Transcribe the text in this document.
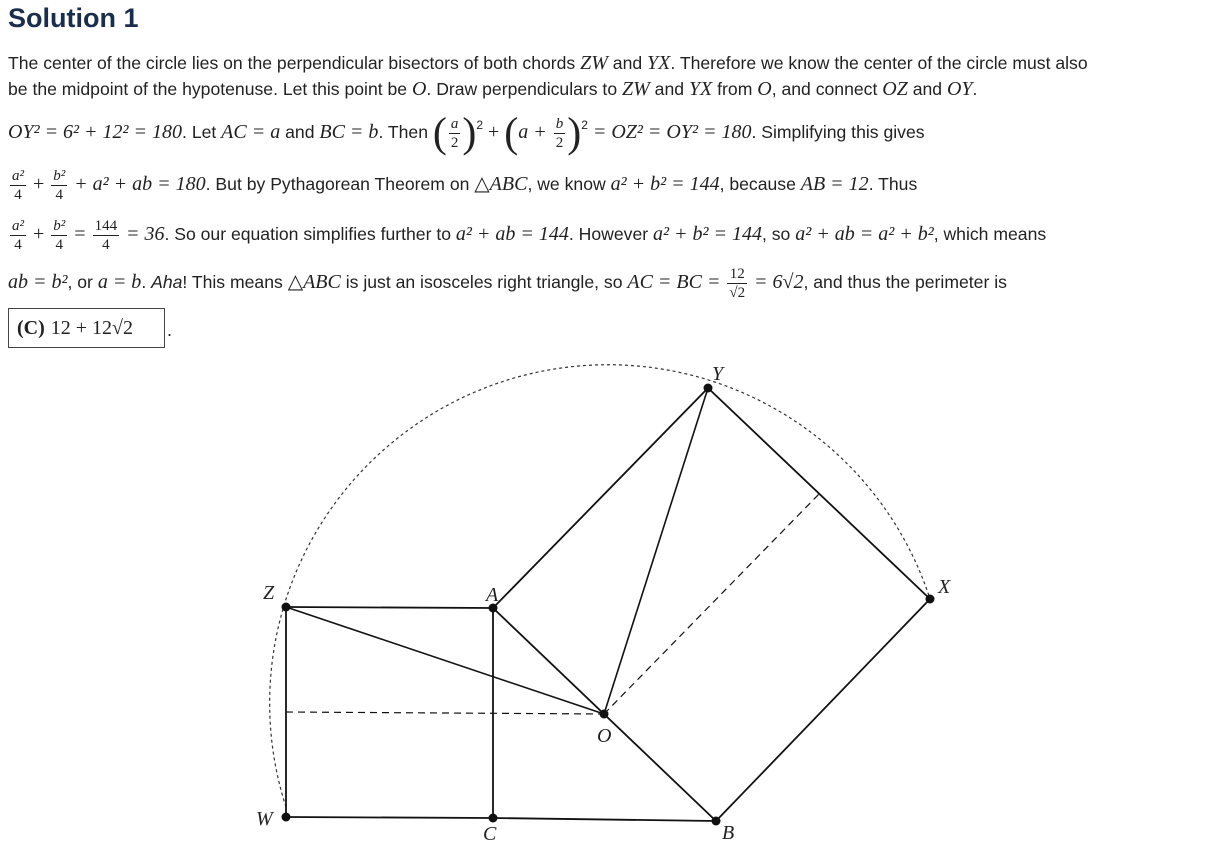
Solution 1
The center of the circle lies on the perpendicular bisectors of both chords ZW and YX. Therefore we know the center of the circle must also
be the midpoint of the hypotenuse. Let this point be O. Draw perpendiculars to ZW and YX from O, and connect OZ and OY.
OY² = 6² + 12² = 180. Let AC = a and BC = b. Then ( $\frac{a}{2} )^2 + (a + \frac{b}{2} )^2 = OZ^2 = OY^2 = 180$. Simplifying this gives
$\frac{\text{a²}}{4} + \frac{\text{b²}}{4} + a^2$ + ab = 180. But by Pythagorean Theorem on △ABC, we know a² + b² = 144, because AB = 12. Thus
$\frac{\text{a²}}{4} + \frac{\text{b²}}{4} = \frac{144}{4} = 36$. So our equation simplifies further to a² + ab = 144. However a² + b² = 144, so a² + ab = a² + b², which means
ab = b², or a = b. Aha! This means △ABC is just an isosceles right triangle, so AC = BC = $\frac{12}{√2} = 6√2$, and thus the perimeter is
(C) 12 + 12√2 .
Y
X
Z	A
O
W
C	B
